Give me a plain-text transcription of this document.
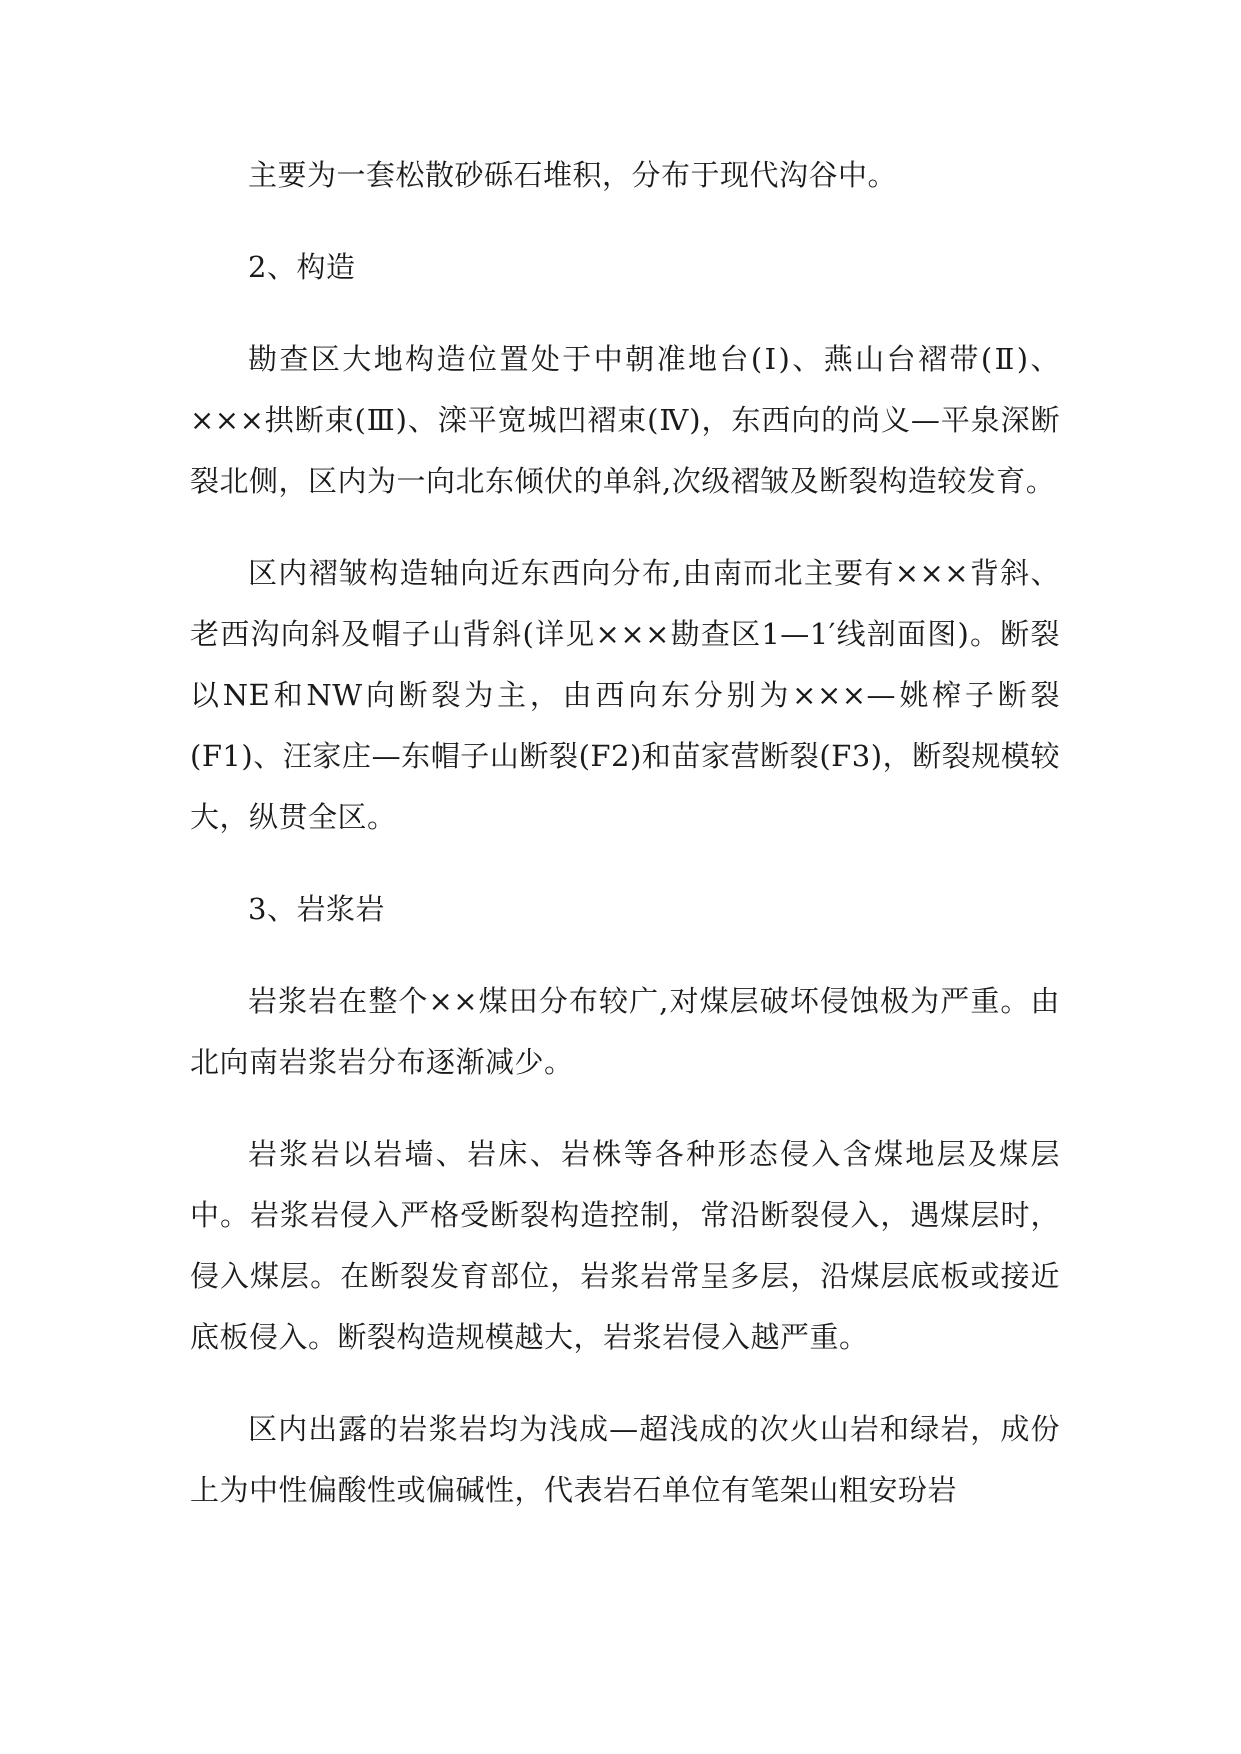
主要为一套松散砂砾石堆积，分布于现代沟谷中。

2、构造

勘查区大地构造位置处于中朝准地台(Ⅰ)、燕山台褶带(Ⅱ)、×××拱断束(Ⅲ)、滦平宽城凹褶束(Ⅳ)，东西向的尚义—平泉深断裂北侧，区内为一向北东倾伏的单斜,次级褶皱及断裂构造较发育。

区内褶皱构造轴向近东西向分布,由南而北主要有×××背斜、老西沟向斜及帽子山背斜(详见×××勘查区1—1′线剖面图)。断裂以NE和NW向断裂为主，由西向东分别为×××—姚榨子断裂(F1)、汪家庄—东帽子山断裂(F2)和苗家营断裂(F3)，断裂规模较大，纵贯全区。

3、岩浆岩

岩浆岩在整个××煤田分布较广,对煤层破坏侵蚀极为严重。由北向南岩浆岩分布逐渐减少。

岩浆岩以岩墙、岩床、岩株等各种形态侵入含煤地层及煤层中。岩浆岩侵入严格受断裂构造控制，常沿断裂侵入，遇煤层时，侵入煤层。在断裂发育部位，岩浆岩常呈多层，沿煤层底板或接近底板侵入。断裂构造规模越大，岩浆岩侵入越严重。

区内出露的岩浆岩均为浅成—超浅成的次火山岩和绿岩，成份上为中性偏酸性或偏碱性，代表岩石单位有笔架山粗安玢岩
